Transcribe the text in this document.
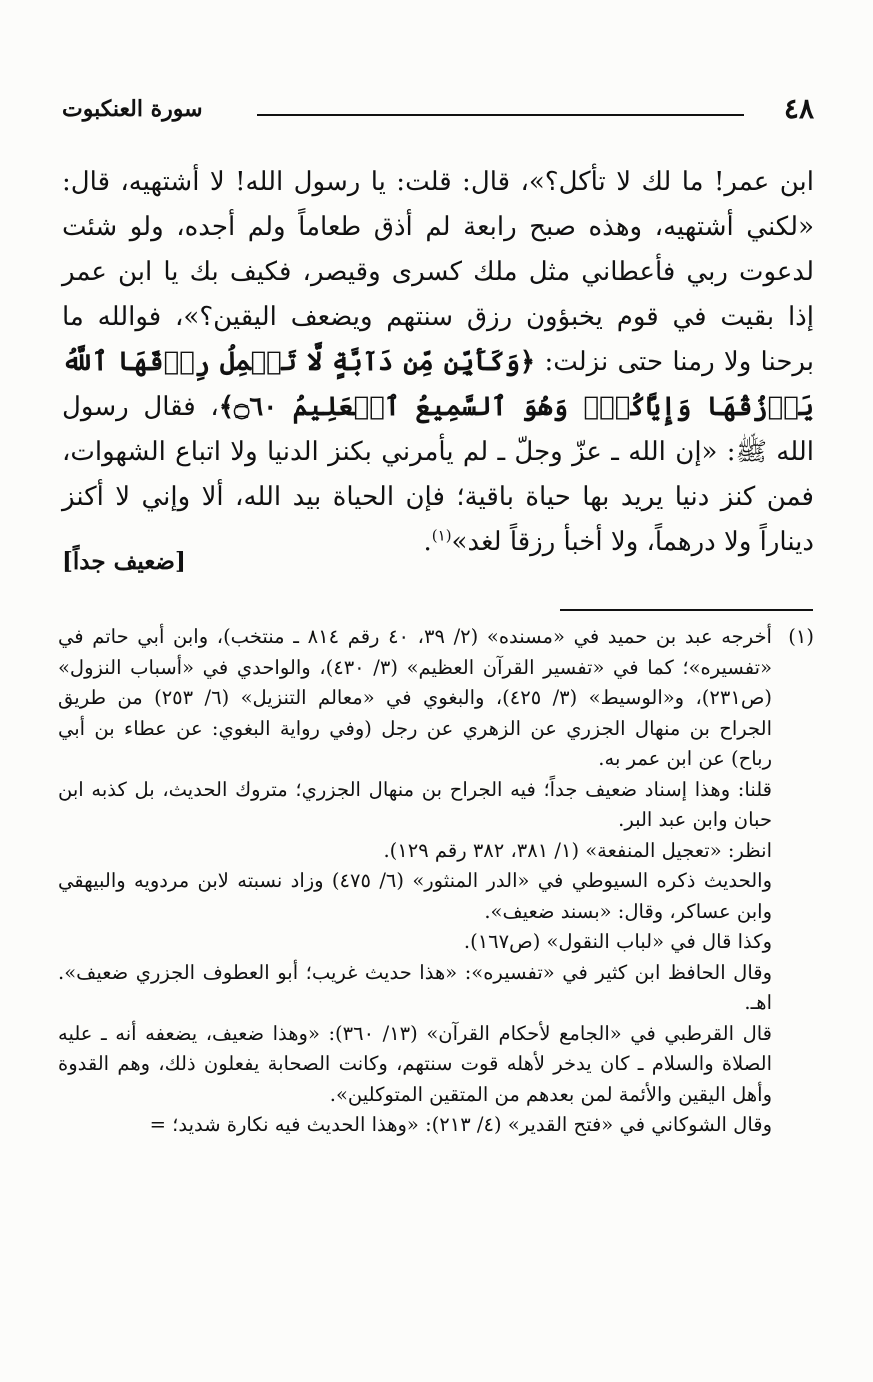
٤٨
سورة العنكبوت

ابن عمر! ما لك لا تأكل؟»، قال: قلت: يا رسول الله! لا أشتهيه، قال: «لكني أشتهيه، وهذه صبح رابعة لم أذق طعاماً ولم أجده، ولو شئت لدعوت ربي فأعطاني مثل ملك كسرى وقيصر، فكيف بك يا ابن عمر إذا بقيت في قوم يخبؤون رزق سنتهم ويضعف اليقين؟»، فوالله ما برحنا ولا رمنا حتى نزلت: ﴿وَكَأَيِّن مِّن دَآبَّةٍ لَّا تَحۡمِلُ رِزۡقَهَا ٱللَّهُ يَرۡزُقُهَا وَإِيَّاكُمۡۚ وَهُوَ ٱلسَّمِيعُ ٱلۡعَلِيمُ ۝٦٠﴾، فقال رسول الله ﷺ: «إن الله ـ عزّ وجلّ ـ لم يأمرني بكنز الدنيا ولا اتباع الشهوات، فمن كنز دنيا يريد بها حياة باقية؛ فإن الحياة بيد الله، ألا وإني لا أكنز ديناراً ولا درهماً، ولا أخبأ رزقاً لغد»$^{(١)}$.

[ضعيف جداً]
(١)
أخرجه عبد بن حميد في «مسنده» (٢/ ٣٩، ٤٠ رقم ٨١٤ ـ منتخب)، وابن أبي حاتم في «تفسيره»؛ كما في «تفسير القرآن العظيم» (٣/ ٤٣٠)، والواحدي في «أسباب النزول» (ص٢٣١)، و«الوسيط» (٣/ ٤٢٥)، والبغوي في «معالم التنزيل» (٦/ ٢٥٣) من طريق الجراح بن منهال الجزري عن الزهري عن رجل (وفي رواية البغوي: عن عطاء بن أبي رباح) عن ابن عمر به.

قلنا: وهذا إسناد ضعيف جداً؛ فيه الجراح بن منهال الجزري؛ متروك الحديث، بل كذبه ابن حبان وابن عبد البر.

انظر: «تعجيل المنفعة» (١/ ٣٨١، ٣٨٢ رقم ١٢٩).

والحديث ذكره السيوطي في «الدر المنثور» (٦/ ٤٧٥) وزاد نسبته لابن مردويه والبيهقي وابن عساكر، وقال: «بسند ضعيف».

وكذا قال في «لباب النقول» (ص١٦٧).

وقال الحافظ ابن كثير في «تفسيره»: «هذا حديث غريب؛ أبو العطوف الجزري ضعيف». اهـ.

قال القرطبي في «الجامع لأحكام القرآن» (١٣/ ٣٦٠): «وهذا ضعيف، يضعفه أنه ـ عليه الصلاة والسلام ـ كان يدخر لأهله قوت سنتهم، وكانت الصحابة يفعلون ذلك، وهم القدوة وأهل اليقين والأئمة لمن بعدهم من المتقين المتوكلين».

وقال الشوكاني في «فتح القدير» (٤/ ٢١٣): «وهذا الحديث فيه نكارة شديد؛ =
